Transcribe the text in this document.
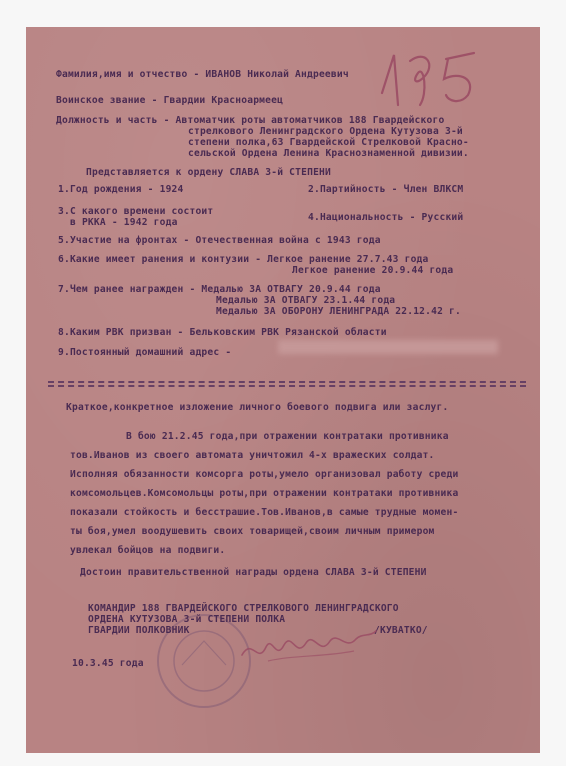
Фамилия,имя и отчество - ИВАНОВ Николай Андреевич
Воинское звание - Гвардии Красноармеец
Должность и часть - Автоматчик роты автоматчиков 188 Гвардейского
стрелкового Ленинградского Ордена Кутузова 3-й
степени полка,63 Гвардейской Стрелковой Красно-
сельской Ордена Ленина Краснознаменной дивизии.
Представляется к ордену СЛАВА 3-й СТЕПЕНИ
1.Год рождения - 1924	2.Партийность - Член ВЛКСМ
3.С какого времени состоит
в РККА - 1942 года	4.Национальность - Русский
5.Участие на фронтах - Отечественная война с 1943 года
6.Какие имеет ранения и контузии - Легкое ранение 27.7.43 года
Легкое ранение 20.9.44 года
7.Чем ранее награжден - Медалью ЗА ОТВАГУ 20.9.44 года
Медалью ЗА ОТВАГУ 23.1.44 года
Медалью ЗА ОБОРОНУ ЛЕНИНГРАДА 22.12.42 г.
8.Каким РВК призван - Бельковским РВК Рязанской области
9.Постоянный домашний адрес -
Краткое,конкретное изложение личного боевого подвига или заслуг.
В бою 21.2.45 года,при отражении контратаки противника
тов.Иванов из своего автомата уничтожил 4-х вражеских солдат.
Исполняя обязанности комсорга роты,умело организовал работу среди
комсомольцев.Комсомольцы роты,при отражении контратаки противника
показали стойкость и бесстрашие.Тов.Иванов,в самые трудные момен-
ты боя,умел воодушевить своих товарищей,своим личным примером
увлекал бойцов на подвиги.
Достоин правительственной награды ордена СЛАВА 3-й СТЕПЕНИ
КОМАНДИР 188 ГВАРДЕЙСКОГО СТРЕЛКОВОГО ЛЕНИНГРАДСКОГО
ОРДЕНА КУТУЗОВА 3-й СТЕПЕНИ ПОЛКА
ГВАРДИИ ПОЛКОВНИК	/КУВАТКО/
10.3.45 года
